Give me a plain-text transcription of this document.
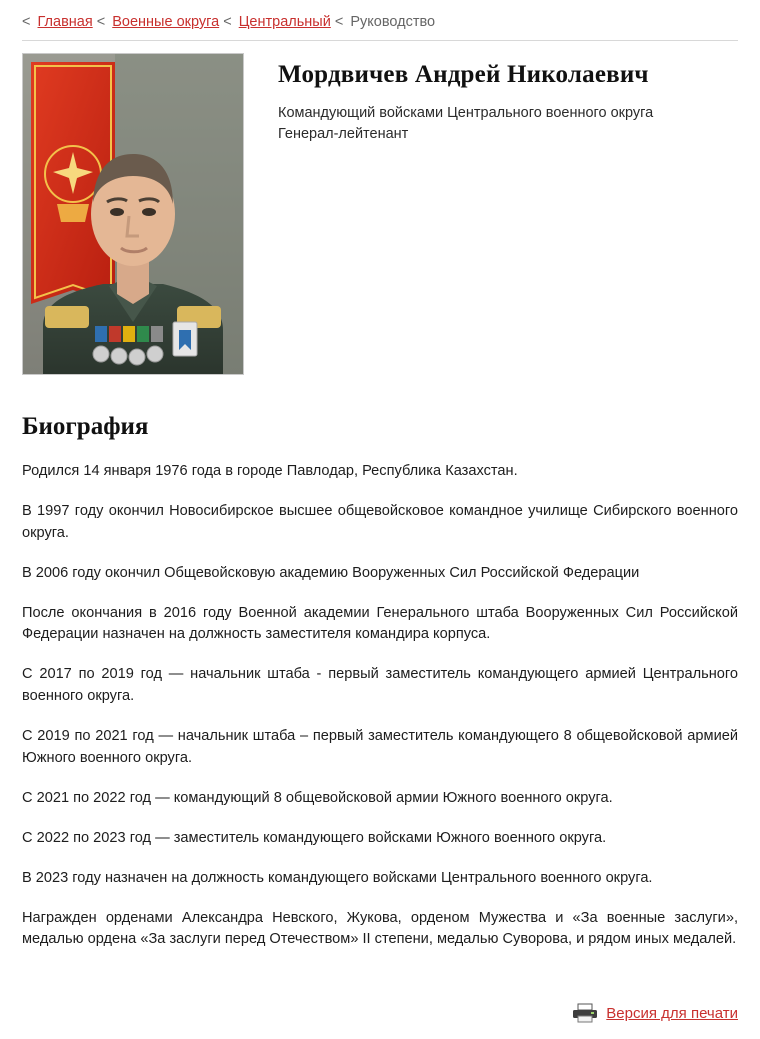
< Главная < Военные округа < Центральный < Руководство
Мордвичев Андрей Николаевич

Командующий войсками Центрального военного округа

Генерал-лейтенант

Биография

Родился 14 января 1976 года в городе Павлодар, Республика Казахстан.

В 1997 году окончил Новосибирское высшее общевойсковое командное училище Сибирского военного округа.

В 2006 году окончил Общевойсковую академию Вооруженных Сил Российской Федерации

После окончания в 2016 году Военной академии Генерального штаба Вооруженных Сил Российской Федерации назначен на должность заместителя командира корпуса.

С 2017 по 2019 год — начальник штаба - первый заместитель командующего армией Центрального военного округа.

С 2019 по 2021 год — начальник штаба – первый заместитель командующего 8 общевойсковой армией Южного военного округа.

С 2021 по 2022 год — командующий 8 общевойсковой армии Южного военного округа.

С 2022 по 2023 год — заместитель командующего войсками Южного военного округа.

В 2023 году назначен на должность командующего войсками Центрального военного округа.

Награжден орденами Александра Невского, Жукова, орденом Мужества и «За военные заслуги», медалью ордена «За заслуги перед Отечеством» II степени, медалью Суворова, и рядом иных медалей.

Версия для печати
